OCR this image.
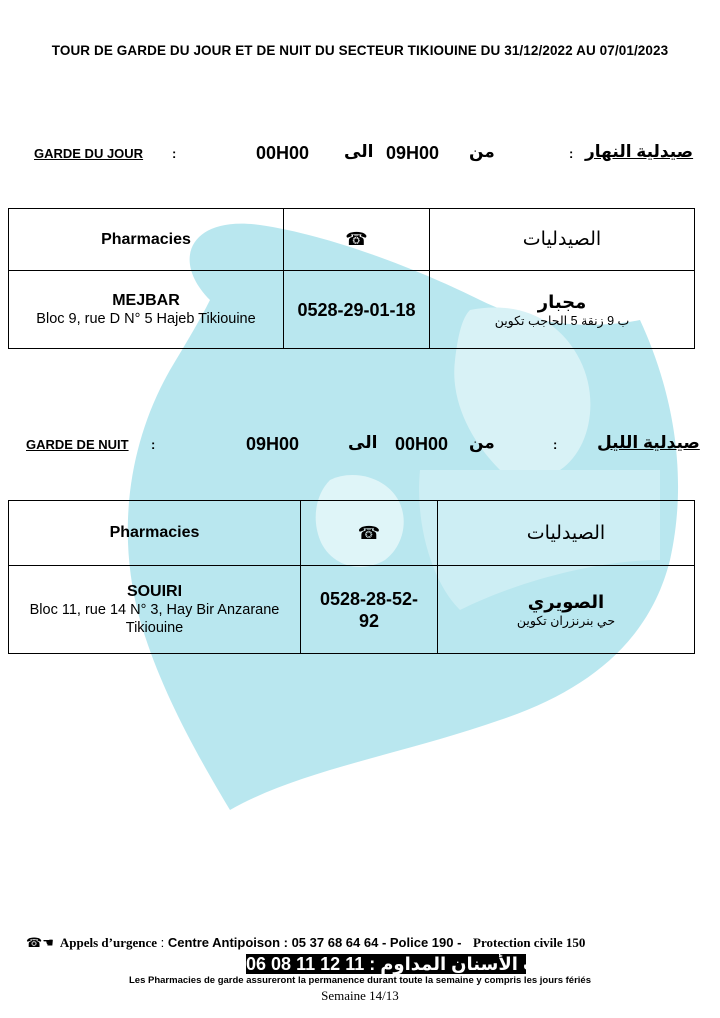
TOUR DE GARDE DU JOUR ET DE NUIT DU SECTEUR TIKIOUINE DU 31/12/2022 AU 07/01/2023
GARDE DU JOUR :	00H00 الى 09H00 من	: صيدلية النهار
Pharmacies	☎	الصيدليات

MEJBAR
Bloc 9, rue D N° 5 Hajeb Tikiouine	0528-29-01-18	مجبار
ب 9 زنقة 5 الحاجب تكوين
GARDE DE NUIT :	09H00	الى 00H00 من	: صيدلية الليل
Pharmacies	☎	الصيدليات

SOUIRI
Bloc 11, rue 14 N° 3, Hay Bir Anzarane Tikiouine	0528-28-52-92	الصويري
حي بنرنزران تكوين
☎☚ Appels d’urgence : Centre Antipoison : 05 37 68 64 64 - Police 190 - Protection civile 150
طبيب الأسنان المداوم : 11 12 11 08 06
Les Pharmacies de garde assureront la permanence durant toute la semaine y compris les jours fériés
Semaine 14/13
